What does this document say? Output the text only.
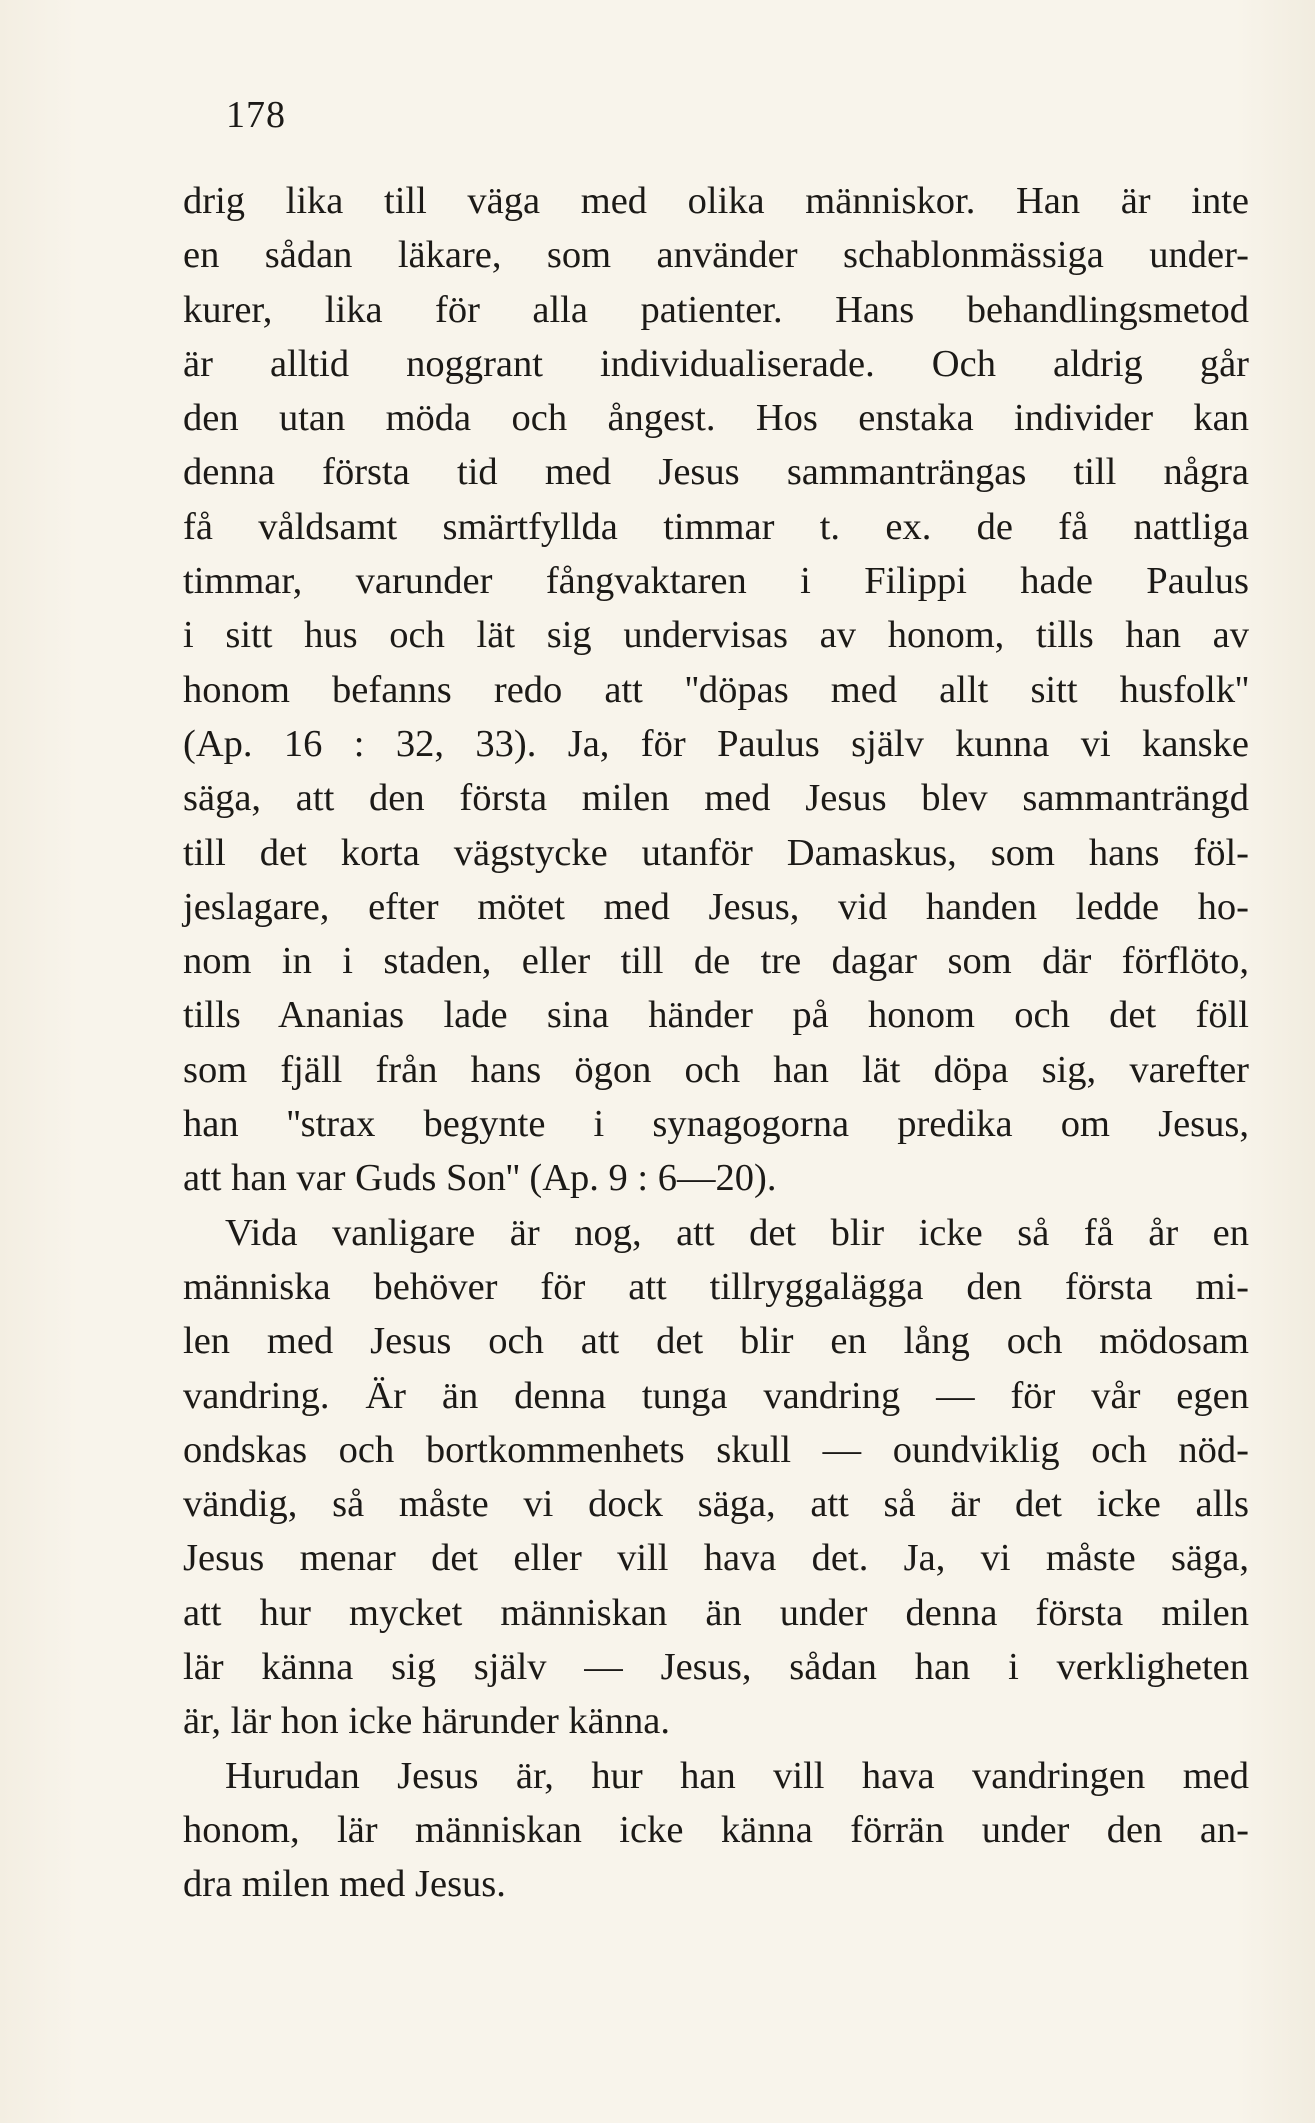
178
drig lika till väga med olika människor. Han är inte
en sådan läkare, som använder schablonmässiga under-
kurer, lika för alla patienter. Hans behandlingsmetod
är alltid noggrant individualiserade. Och aldrig går
den utan möda och ångest. Hos enstaka individer kan
denna första tid med Jesus sammanträngas till några
få våldsamt smärtfyllda timmar t. ex. de få nattliga
timmar, varunder fångvaktaren i Filippi hade Paulus
i sitt hus och lät sig undervisas av honom, tills han av
honom befanns redo att ''döpas med allt sitt husfolk''
(Ap. 16 : 32, 33). Ja, för Paulus själv kunna vi kanske
säga, att den första milen med Jesus blev sammanträngd
till det korta vägstycke utanför Damaskus, som hans föl-
jeslagare, efter mötet med Jesus, vid handen ledde ho-
nom in i staden, eller till de tre dagar som där förflöto,
tills Ananias lade sina händer på honom och det föll
som fjäll från hans ögon och han lät döpa sig, varefter
han ''strax begynte i synagogorna predika om Jesus,
att han var Guds Son'' (Ap. 9 : 6—20).
Vida vanligare är nog, att det blir icke så få år en
människa behöver för att tillryggalägga den första mi-
len med Jesus och att det blir en lång och mödosam
vandring. Är än denna tunga vandring — för vår egen
ondskas och bortkommenhets skull — oundviklig och nöd-
vändig, så måste vi dock säga, att så är det icke alls
Jesus menar det eller vill hava det. Ja, vi måste säga,
att hur mycket människan än under denna första milen
lär känna sig själv — Jesus, sådan han i verkligheten
är, lär hon icke härunder känna.
Hurudan Jesus är, hur han vill hava vandringen med
honom, lär människan icke känna förrän under den an-
dra milen med Jesus.
